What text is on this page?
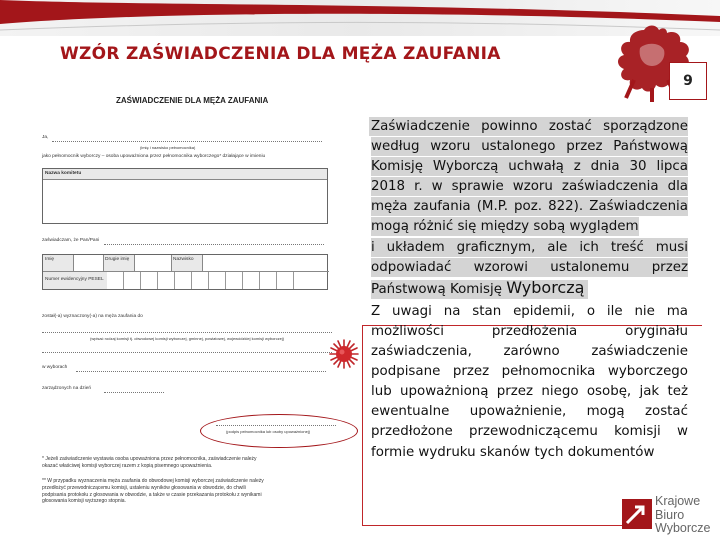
WZÓR ZAŚWIADCZENIA DLA MĘŻA ZAUFANIA
9
ZAŚWIADCZENIE DLA MĘŻA ZAUFANIA
Ja,
(imię i nazwisko pełnomocnika)
jako pełnomocnik wyborczy – osoba upoważniona przez pełnomocnika wyborczego* działające w imieniu
Nazwa komitetu
zaświadczam, że Pan/Pani
Imię	Drugie imię	Nazwisko
Numer ewidencyjny PESEL
został(-a) wyznaczony(-a) na męża zaufania do
(wpisać rodzaj komisji tj. obwodowej komisji wyborczej, gminnej, powiatowej, wojewódzkiej komisji wyborczej)
w wyborach
zarządzonych na dzień
(podpis pełnomocnika lub osoby upoważnionej)
* Jeżeli zaświadczenie wystawia osoba upoważniona przez pełnomocnika, zaświadczenie należy okazać właściwej komisji wyborczej razem z kopią pisemnego upoważnienia.
** W przypadku wyznaczenia męża zaufania do obwodowej komisji wyborczej zaświadczenie należy przedłożyć przewodniczącemu komisji, ustaleniu wyników głosowania w obwodzie, do chwili podpisania protokołu z głosowania w obwodzie, a także w czasie przekazania protokołu z wynikami głosowania komisji wyższego stopnia.

Zaświadczenie powinno zostać sporządzone według wzoru ustalonego przez Państwową Komisję Wyborczą uchwałą z dnia 30 lipca 2018 r. w sprawie wzoru zaświadczenia dla męża zaufania (M.P. poz. 822). Zaświadczenia mogą różnić się między sobą wyglądem
i układem graficznym, ale ich treść musi odpowiadać wzorowi ustalonemu przez Państwową Komisję Wyborczą

Z uwagi na stan epidemii, o ile nie ma możliwości przedłożenia oryginału zaświadczenia, zarówno zaświadczenie podpisane przez pełnomocnika wyborczego lub upoważnioną przez niego osobę, jak też ewentualne upoważnienie, mogą zostać przedłożone przewodniczącemu komisji w formie wydruku skanów tych dokumentów

Krajowe
Biuro
Wyborcze
